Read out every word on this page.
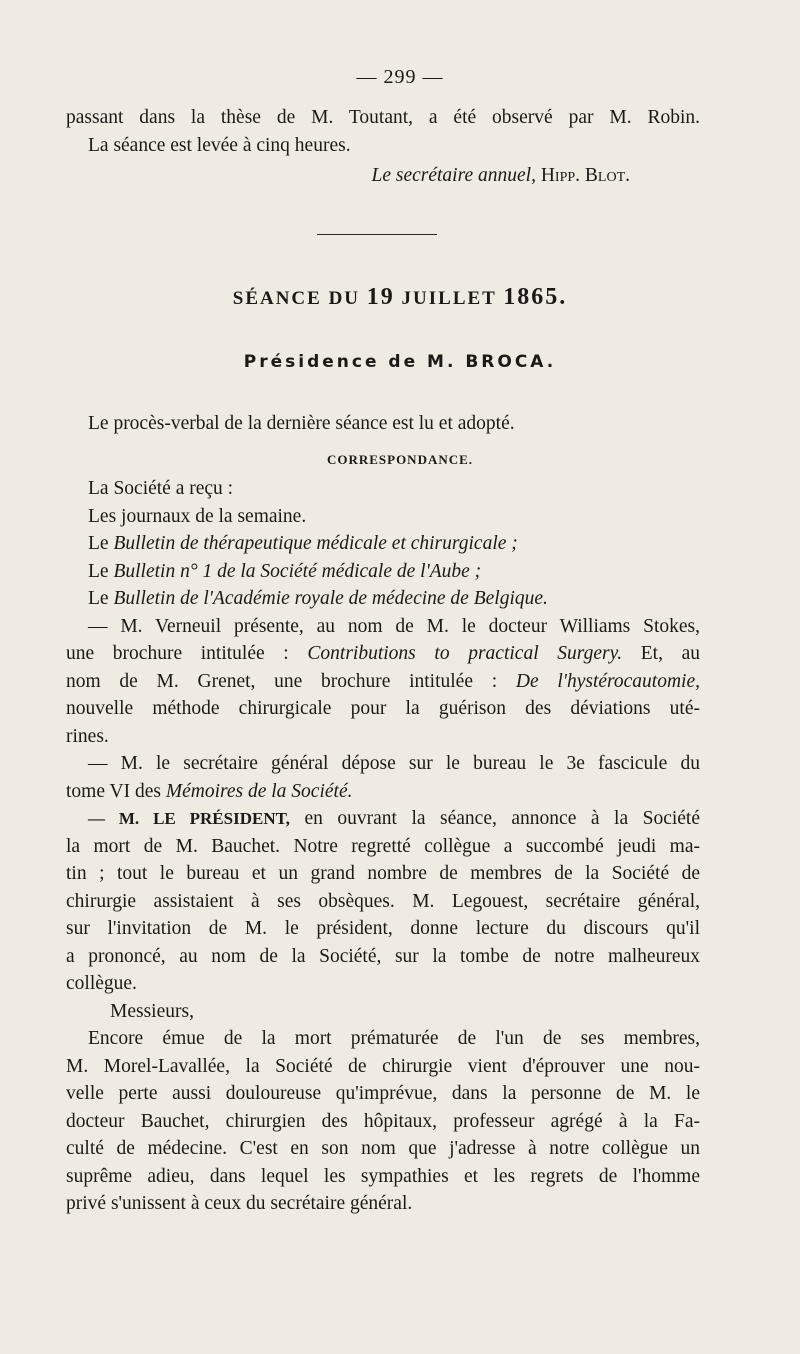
— 299 —
passant dans la thèse de M. Toutant, a été observé par M. Robin.
La séance est levée à cinq heures.
Le secrétaire annuel, Hipp. Blot.
SÉANCE DU 19 JUILLET 1865.
Présidence de M. BROCA.
Le procès-verbal de la dernière séance est lu et adopté.
CORRESPONDANCE.
La Société a reçu :
Les journaux de la semaine.
Le Bulletin de thérapeutique médicale et chirurgicale ;
Le Bulletin n° 1 de la Société médicale de l'Aube ;
Le Bulletin de l'Académie royale de médecine de Belgique.
— M. Verneuil présente, au nom de M. le docteur Williams Stokes,
une brochure intitulée : Contributions to practical Surgery. Et, au
nom de M. Grenet, une brochure intitulée : De l'hystérocautomie,
nouvelle méthode chirurgicale pour la guérison des déviations uté-
rines.
— M. le secrétaire général dépose sur le bureau le 3e fascicule du
tome VI des Mémoires de la Société.
— M. LE PRÉSIDENT, en ouvrant la séance, annonce à la Société
la mort de M. Bauchet. Notre regretté collègue a succombé jeudi ma-
tin ; tout le bureau et un grand nombre de membres de la Société de
chirurgie assistaient à ses obsèques. M. Legouest, secrétaire général,
sur l'invitation de M. le président, donne lecture du discours qu'il
a prononcé, au nom de la Société, sur la tombe de notre malheureux
collègue.
Messieurs,
Encore émue de la mort prématurée de l'un de ses membres,
M. Morel-Lavallée, la Société de chirurgie vient d'éprouver une nou-
velle perte aussi douloureuse qu'imprévue, dans la personne de M. le
docteur Bauchet, chirurgien des hôpitaux, professeur agrégé à la Fa-
culté de médecine. C'est en son nom que j'adresse à notre collègue un
suprême adieu, dans lequel les sympathies et les regrets de l'homme
privé s'unissent à ceux du secrétaire général.
